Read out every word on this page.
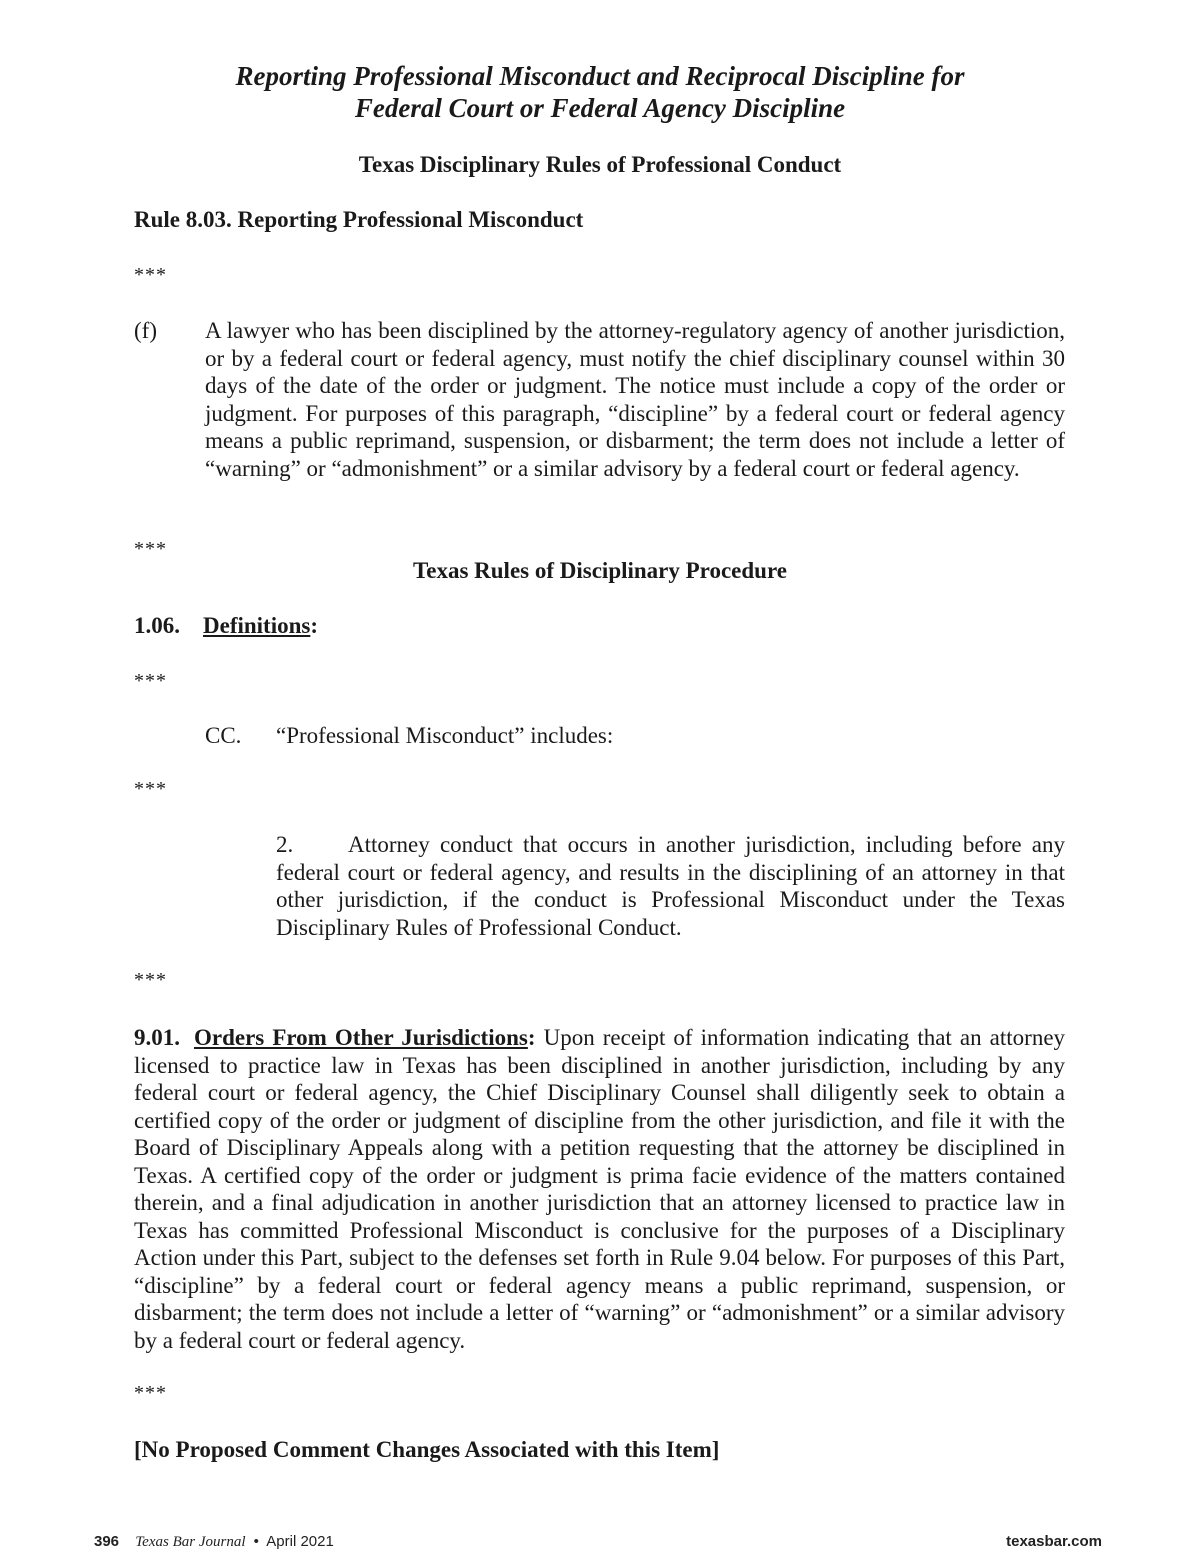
Reporting Professional Misconduct and Reciprocal Discipline for
Federal Court or Federal Agency Discipline
Texas Disciplinary Rules of Professional Conduct
Rule 8.03. Reporting Professional Misconduct

***

(f) A lawyer who has been disciplined by the attorney-regulatory agency of another jurisdiction, or by a federal court or federal agency, must notify the chief disciplinary counsel within 30 days of the date of the order or judgment. The notice must include a copy of the order or judgment. For purposes of this paragraph, “discipline” by a federal court or federal agency means a public reprimand, suspension, or disbarment; the term does not include a letter of “warning” or “admonishment” or a similar advisory by a federal court or federal agency.

***

Texas Rules of Disciplinary Procedure
1.06. Definitions:

***

CC. “Professional Misconduct” includes:

***

2.	Attorney conduct that occurs in another jurisdiction, including before any federal court or federal agency, and results in the disciplining of an attorney in that other jurisdiction, if the conduct is Professional Misconduct under the Texas Disciplinary Rules of Professional Conduct.

***

9.01. Orders From Other Jurisdictions: Upon receipt of information indicating that an attorney licensed to practice law in Texas has been disciplined in another jurisdiction, including by any federal court or federal agency, the Chief Disciplinary Counsel shall diligently seek to obtain a certified copy of the order or judgment of discipline from the other jurisdiction, and file it with the Board of Disciplinary Appeals along with a petition requesting that the attorney be disciplined in Texas. A certified copy of the order or judgment is prima facie evidence of the matters contained therein, and a final adjudication in another jurisdiction that an attorney licensed to practice law in Texas has committed Professional Misconduct is conclusive for the purposes of a Disciplinary Action under this Part, subject to the defenses set forth in Rule 9.04 below. For purposes of this Part, “discipline” by a federal court or federal agency means a public reprimand, suspension, or disbarment; the term does not include a letter of “warning” or “admonishment” or a similar advisory by a federal court or federal agency.

***

[No Proposed Comment Changes Associated with this Item]
396 Texas Bar Journal • April 2021	texasbar.com
